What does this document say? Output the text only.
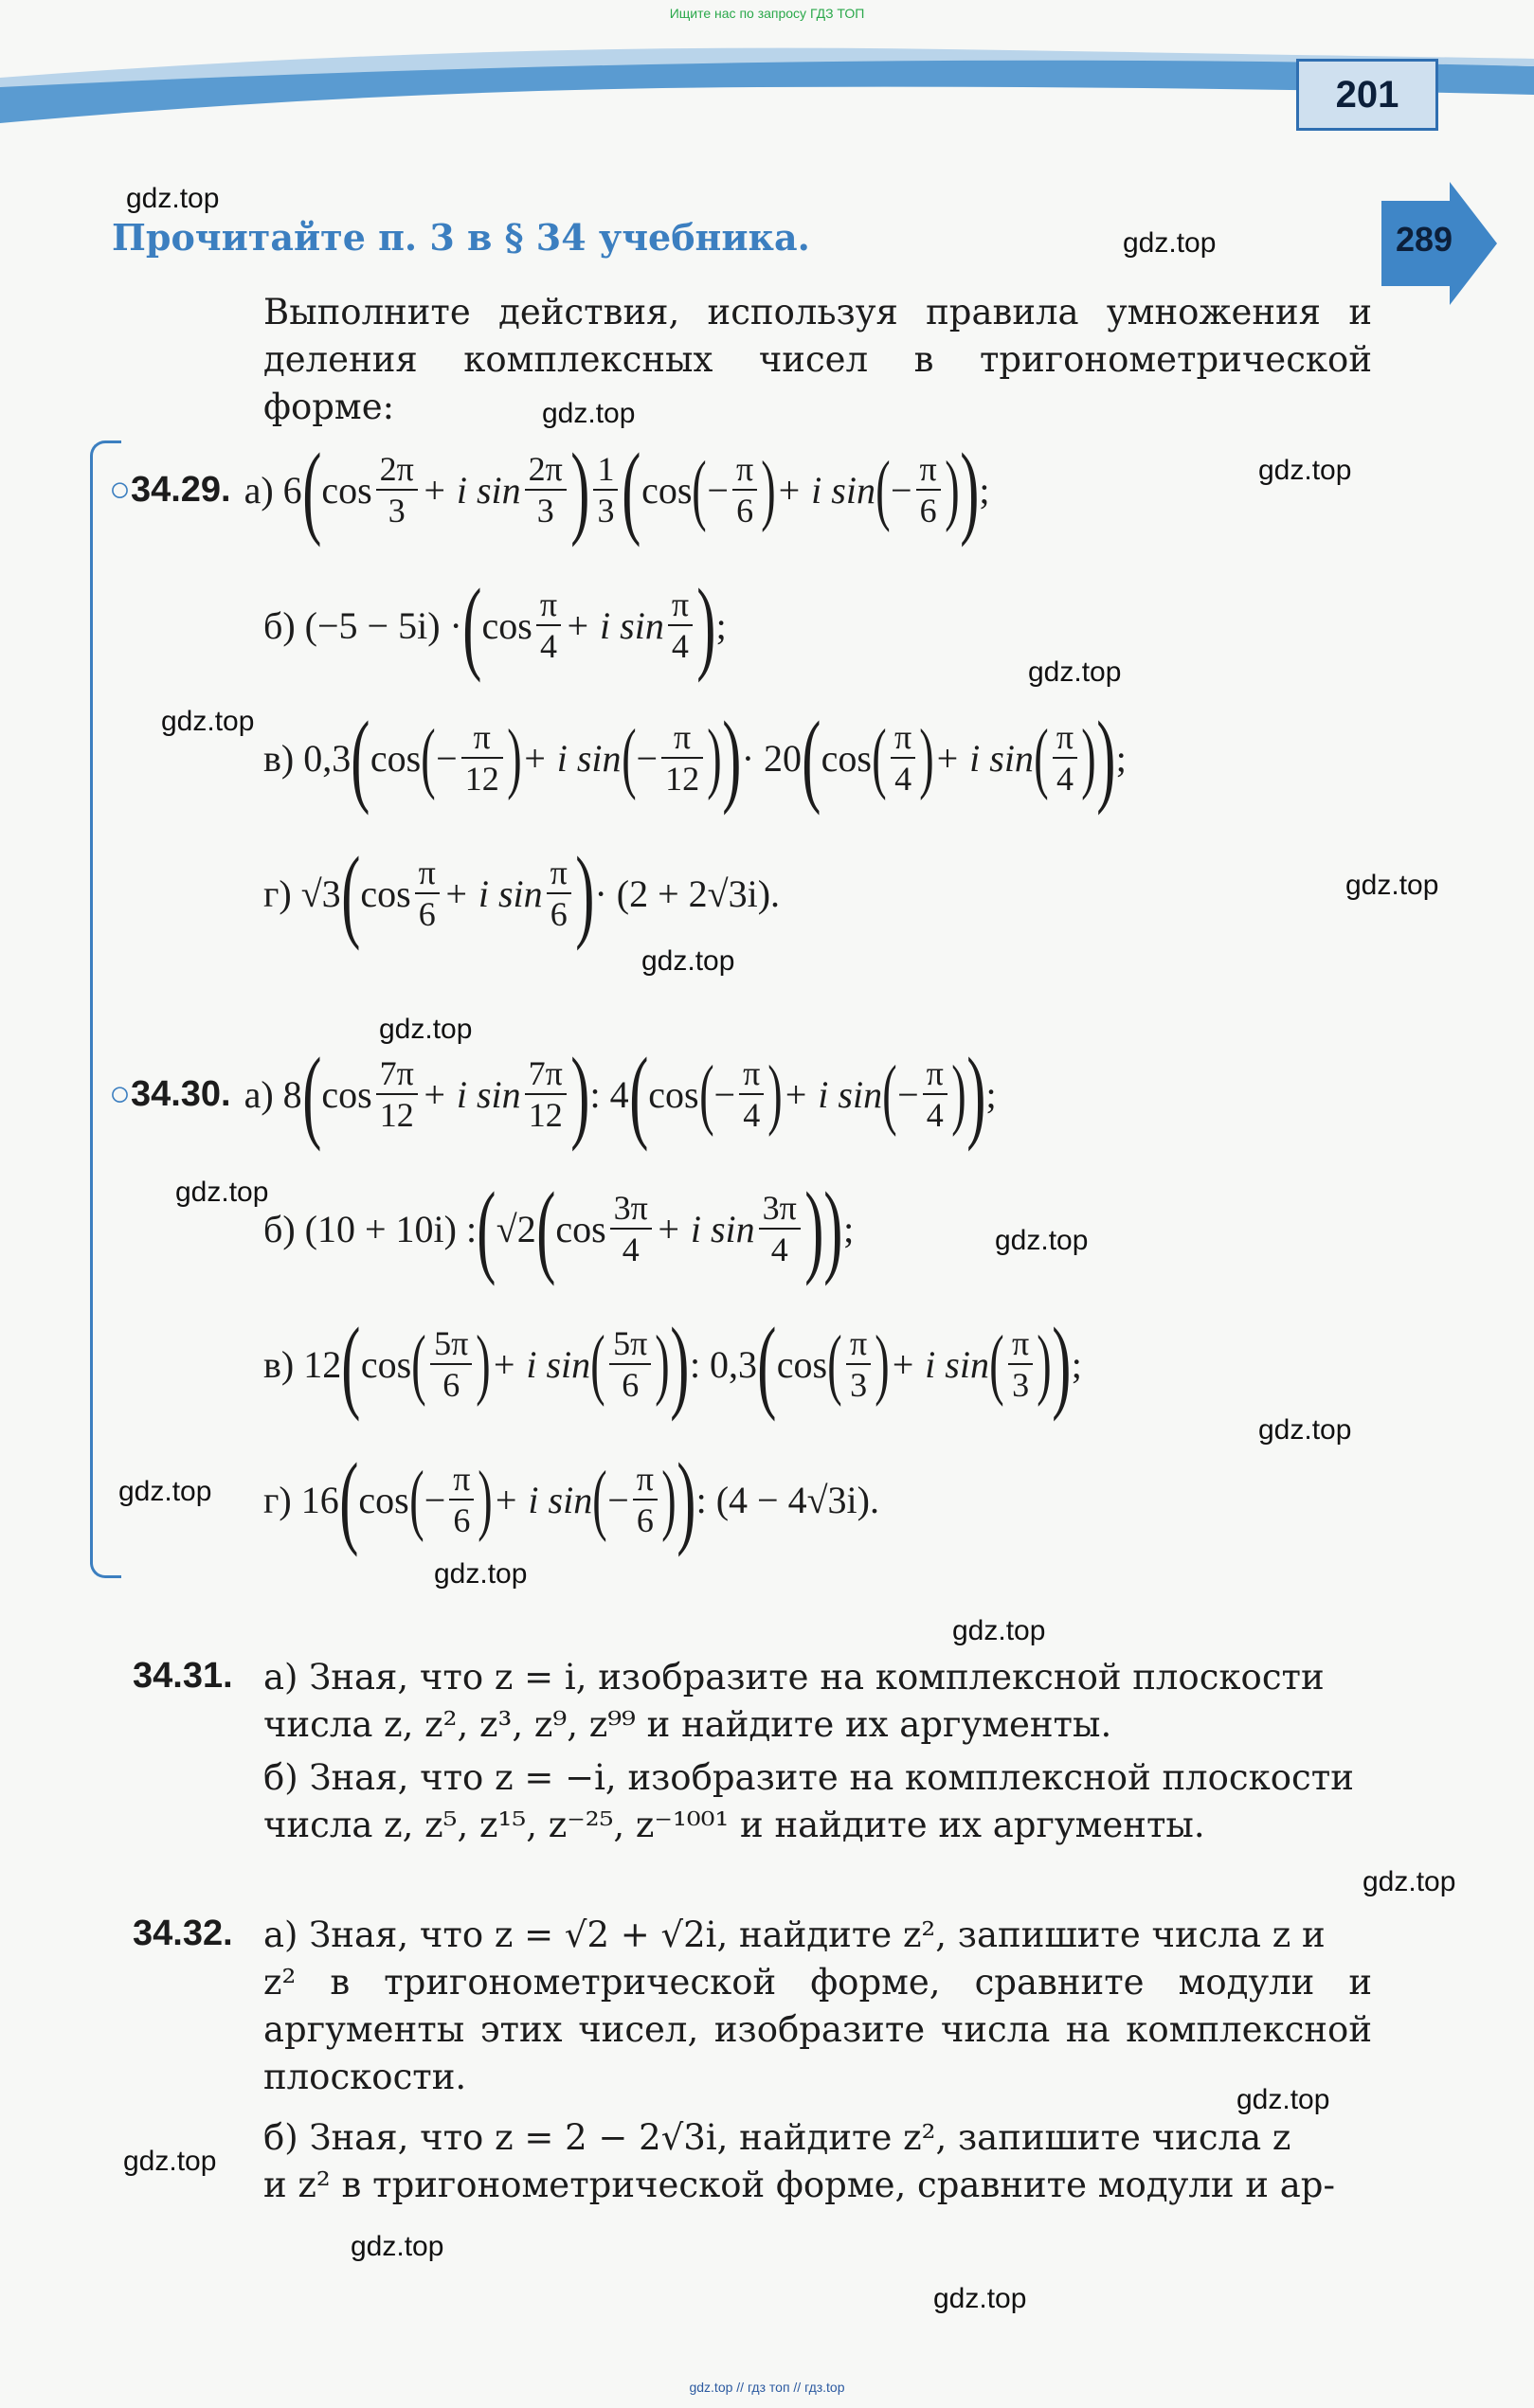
Ищите нас по запросу ГДЗ ТОП
201
289
Прочитайте п. 3 в § 34 учебника.
Выполните действия, используя правила умножения и деления комплексных чисел в тригонометрической форме:
○34.29. а) 6 ( $\cos \frac{2\pi}{3} + i$ $\sin \frac{2\pi}{3}$ ) $\frac{1}{3}$ ( cos ( − $\frac{\pi}{6}$ ) + i sin ( − $\frac{\pi}{6}$ ) ) ;
б) (−5 − 5i) · ( $\cos \frac{\pi}{4} + i$ $\sin \frac{\pi}{4}$ ) ;
в) 0,3 ( cos ( − $\frac{\pi}{12}$ ) + i sin ( − $\frac{\pi}{12}$ ) ) · 20 ( cos ( $\frac{\pi}{4}$ ) + i sin ( $\frac{\pi}{4}$ ) ) ;
г) √3 ( $\cos \frac{\pi}{6} + i$ $\sin \frac{\pi}{6}$ ) · (2 + 2√3i).
○34.30. а) 8 ( $\cos \frac{7\pi}{12} + i$ $\sin \frac{7\pi}{12}$ ) : 4 ( cos ( − $\frac{\pi}{4}$ ) + i sin ( − $\frac{\pi}{4}$ ) ) ;
б) (10 + 10i) : ( √2 ( $\cos \frac{3\pi}{4} + i$ $\sin \frac{3\pi}{4}$ ) ) ;
в) 12 ( cos ( $\frac{5\pi}{6}$ ) + i sin ( $\frac{5\pi}{6}$ ) ) : 0,3 ( cos ( $\frac{\pi}{3}$ ) + i sin ( $\frac{\pi}{3}$ ) ) ;
г) 16 ( cos ( − $\frac{\pi}{6}$ ) + i sin ( − $\frac{\pi}{6}$ ) ) : (4 − 4√3i).
34.31. а) Зная, что z = i, изобразите на комплексной плоскости
числа z, z², z³, z⁹, z⁹⁹ и найдите их аргументы.
б) Зная, что z = −i, изобразите на комплексной плоскости
числа z, z⁵, z¹⁵, z⁻²⁵, z⁻¹⁰⁰¹ и найдите их аргументы.
34.32. а) Зная, что z = √2 + √2i, найдите z², запишите числа z и
z² в тригонометрической форме, сравните модули и аргументы этих чисел, изобразите числа на комплексной плоскости.
б) Зная, что z = 2 − 2√3i, найдите z², запишите числа z
и z² в тригонометрической форме, сравните модули и ар-
gdz.top
gdz.top
gdz.top
gdz.top
gdz.top
gdz.top
gdz.top
gdz.top
gdz.top
gdz.top
gdz.top
gdz.top
gdz.top
gdz.top
gdz.top
gdz.top
gdz.top
gdz.top
gdz.top
gdz.top
gdz.top // гдз топ // гдз.top
